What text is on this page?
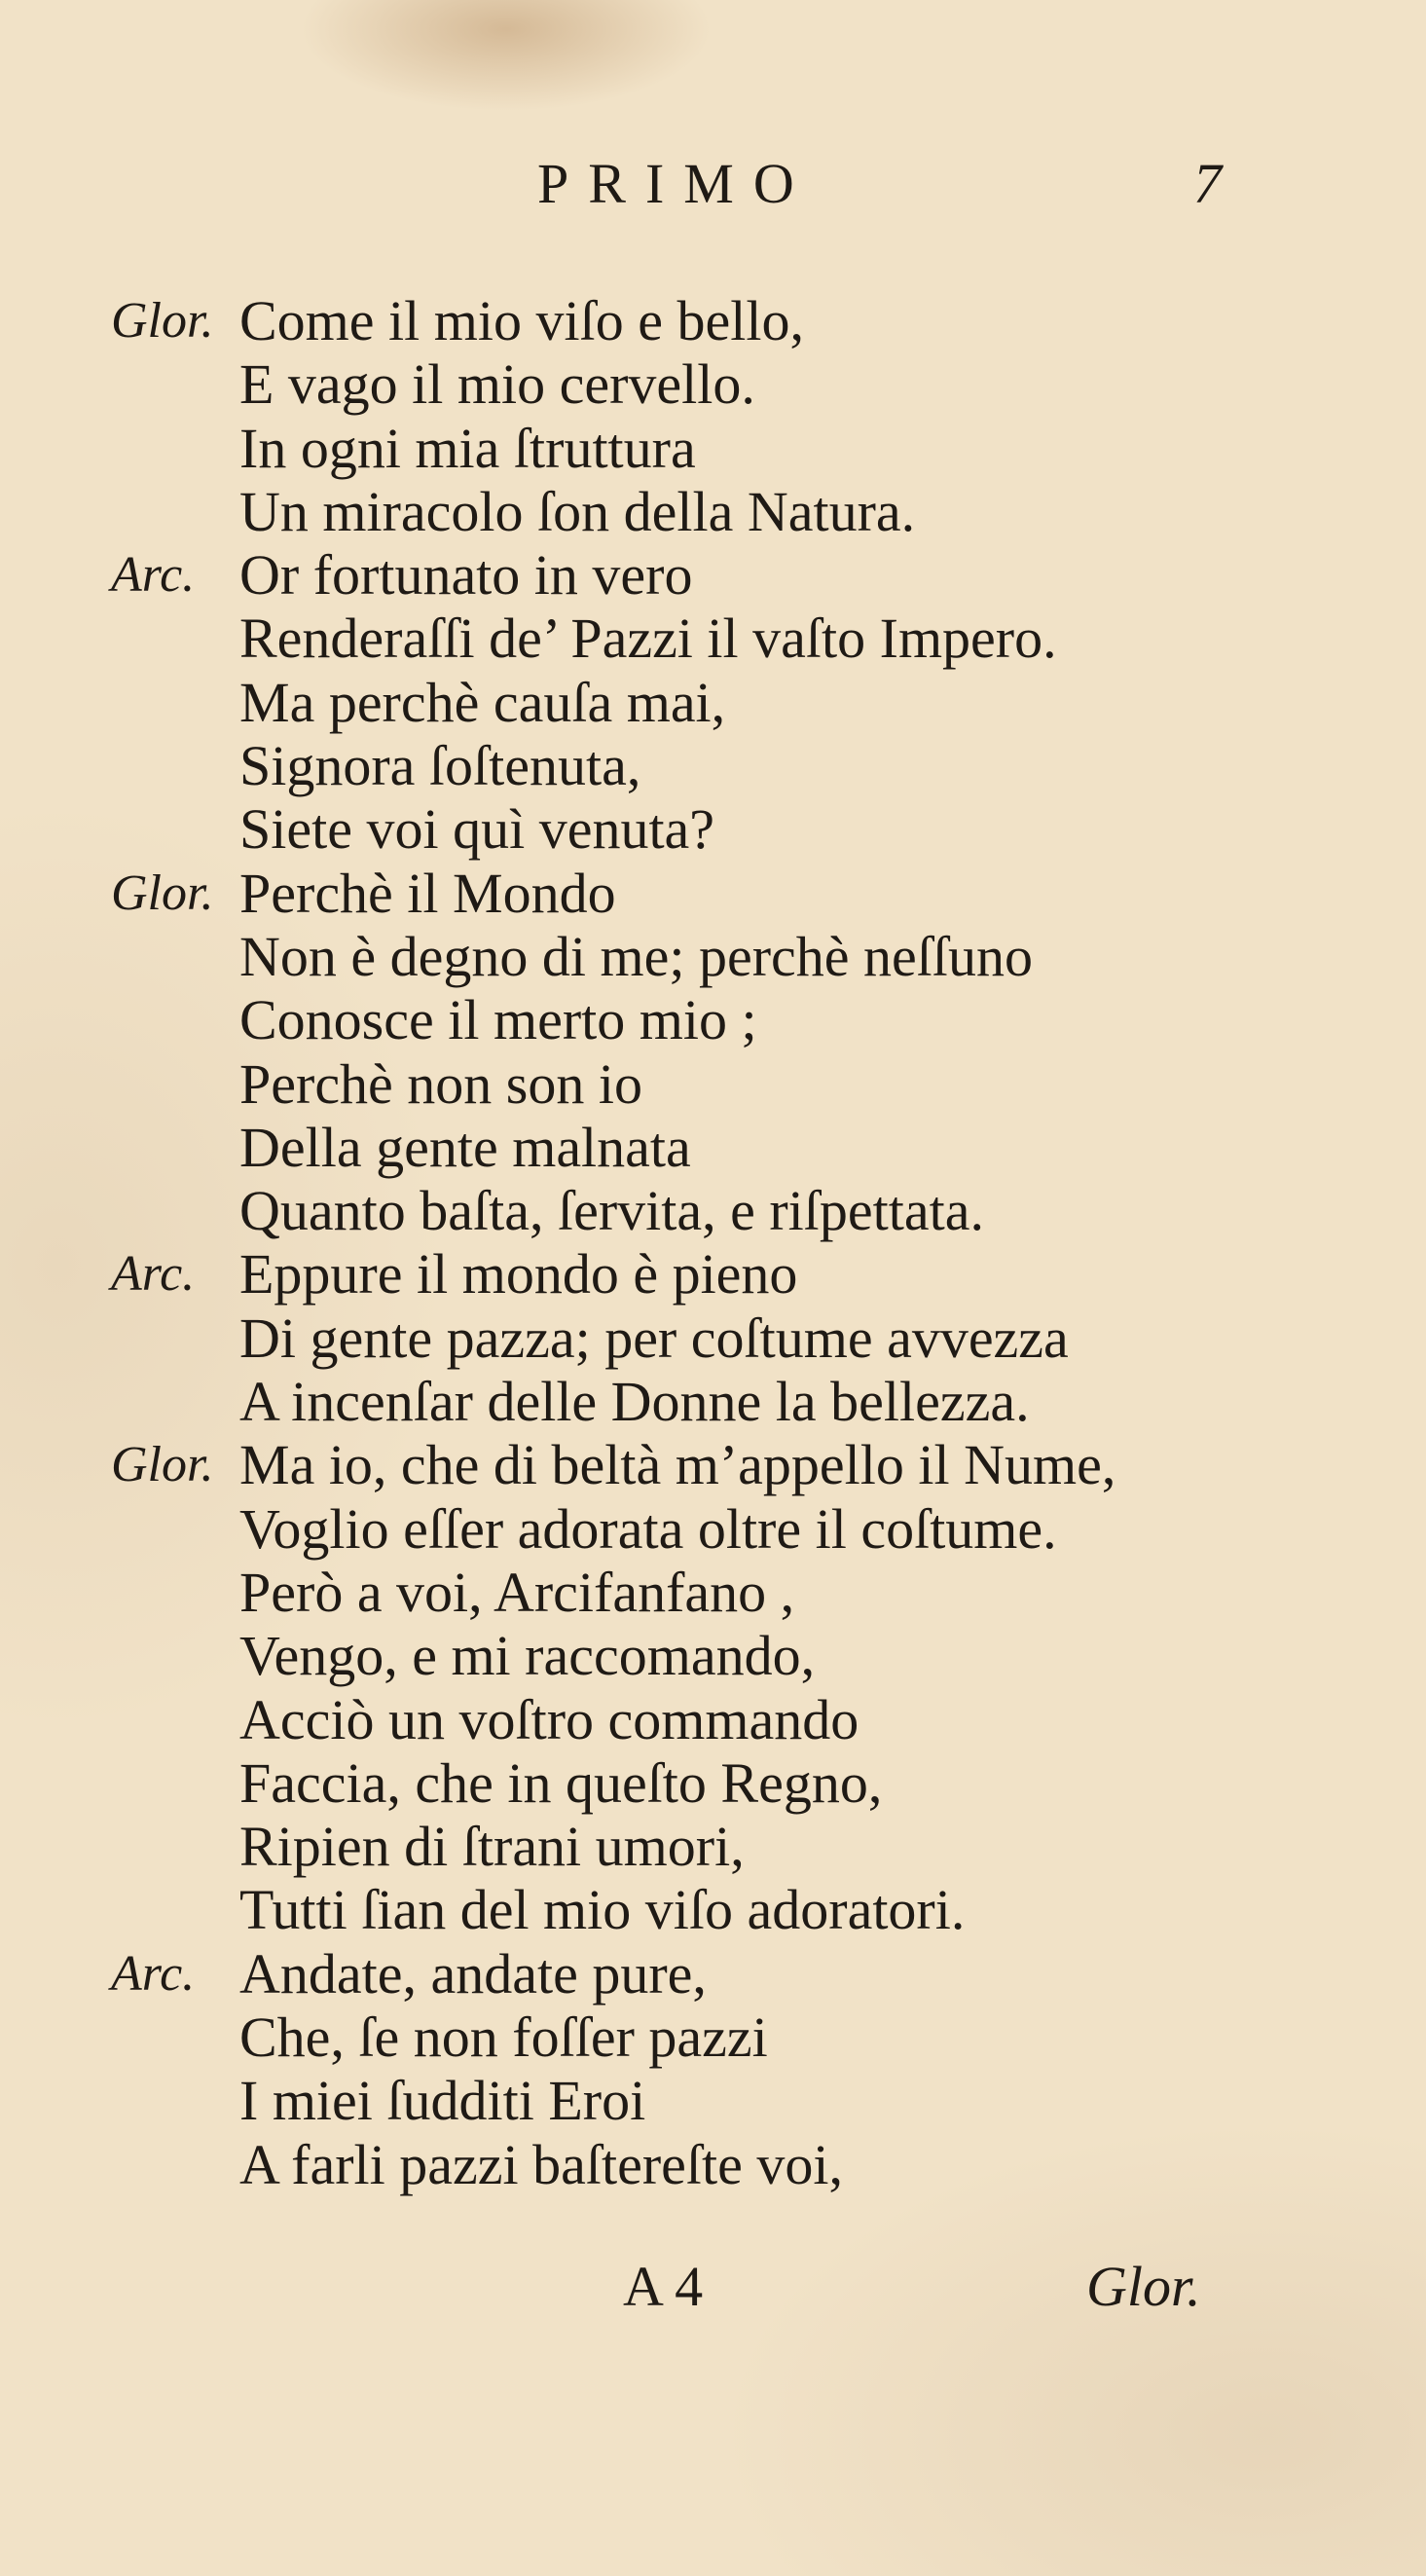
PRIMO	7
Glor. Come il mio viſo e bello,
E vago il mio cervello.
In ogni mia ſtruttura
Un miracolo ſon della Natura.
Arc. Or fortunato in vero
Renderaſſi de’ Pazzi il vaſto Impero.
Ma perchè cauſa mai,
Signora ſoſtenuta,
Siete voi quì venuta?
Glor. Perchè il Mondo
Non è degno di me; perchè neſſuno
Conosce il merto mio ;
Perchè non son io
Della gente malnata
Quanto baſta, ſervita, e riſpettata.
Arc. Eppure il mondo è pieno
Di gente pazza; per coſtume avvezza
A incenſar delle Donne la bellezza.
Glor. Ma io, che di beltà m’appello il Nume,
Voglio eſſer adorata oltre il coſtume.
Però a voi, Arcifanfano ,
Vengo, e mi raccomando,
Acciò un voſtro commando
Faccia, che in queſto Regno,
Ripien di ſtrani umori,
Tutti ſian del mio viſo adoratori.
Arc. Andate, andate pure,
Che, ſe non foſſer pazzi
I miei ſudditi Eroi
A farli pazzi baſtereſte voi,
A 4	Glor.
